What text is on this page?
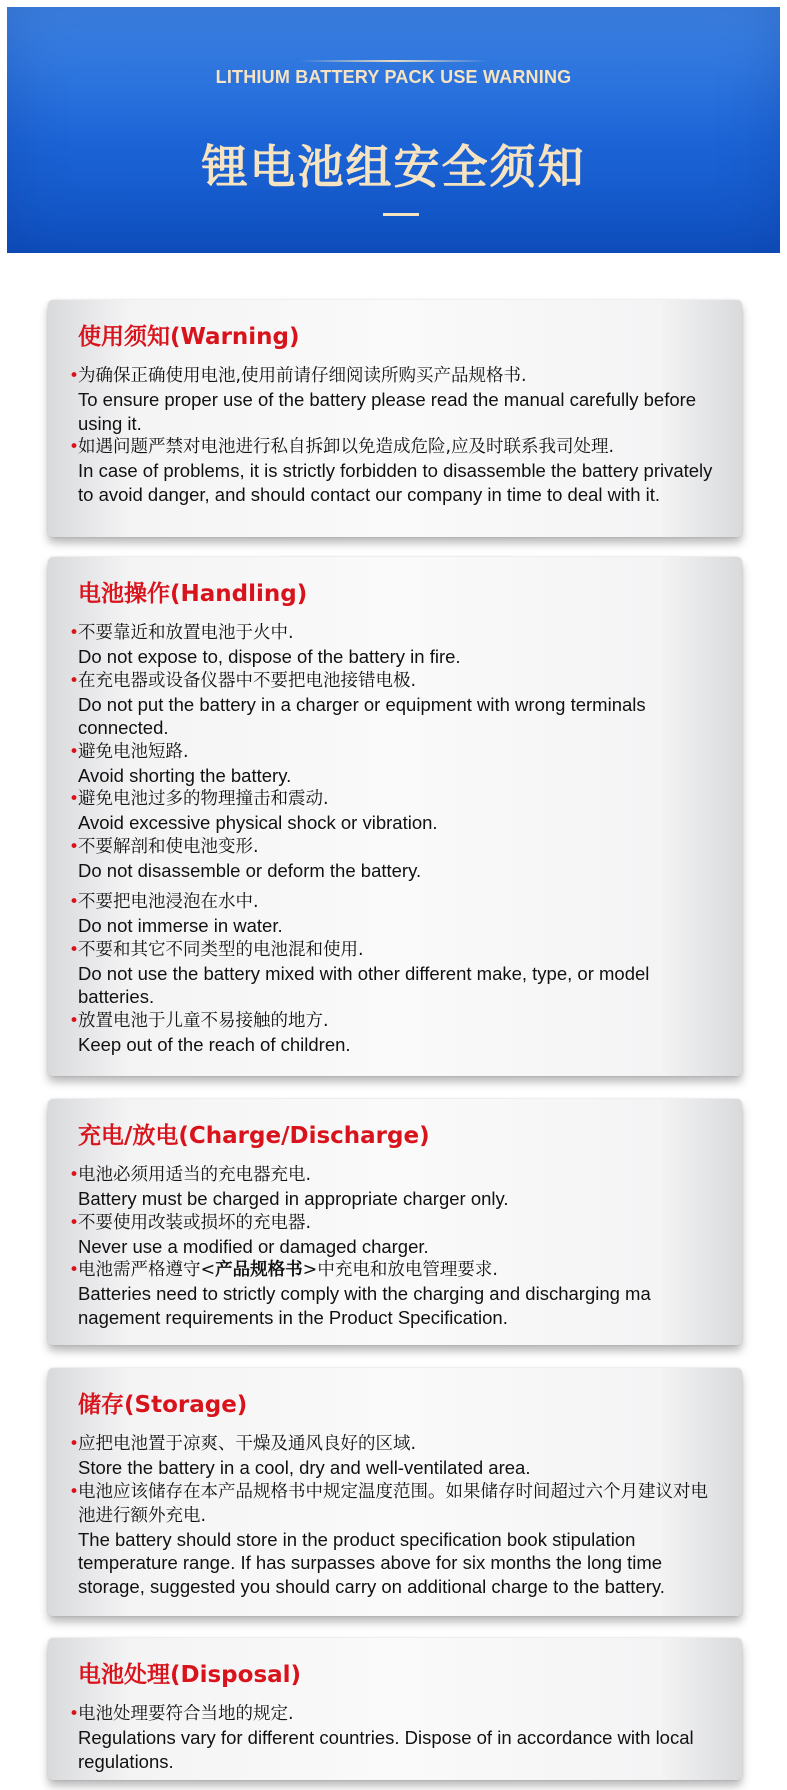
LITHIUM BATTERY PACK USE WARNING
锂电池组安全须知
使用须知(Warning)
•
为确保正确使用电池,使用前请仔细阅读所购买产品规格书.
To ensure proper use of the battery please read the manual carefully before using it.
•
如遇问题严禁对电池进行私自拆卸以免造成危险,应及时联系我司处理.
In case of problems, it is strictly forbidden to disassemble the battery privately to avoid danger, and should contact our company in time to deal with it.
电池操作(Handling)
•
不要靠近和放置电池于火中.
Do not expose to, dispose of the battery in fire.
•
在充电器或设备仪器中不要把电池接错电极.
Do not put the battery in a charger or equipment with wrong terminals connected.
•
避免电池短路.
Avoid shorting the battery.
•
避免电池过多的物理撞击和震动.
Avoid excessive physical shock or vibration.
•
不要解剖和使电池变形.
Do not disassemble or deform the battery.
•
不要把电池浸泡在水中.
Do not immerse in water.
•
不要和其它不同类型的电池混和使用.
Do not use the battery mixed with other different make, type, or model batteries.
•
放置电池于儿童不易接触的地方.
Keep out of the reach of children.
充电/放电(Charge/Discharge)
•
电池必须用适当的充电器充电.
Battery must be charged in appropriate charger only.
•
不要使用改装或损坏的充电器.
Never use a modified or damaged charger.
•
电池需严格遵守<产品规格书>中充电和放电管理要求.
Batteries need to strictly comply with the charging and discharging ma nagement requirements in the Product Specification.
储存(Storage)
•
应把电池置于凉爽、干燥及通风良好的区域.
Store the battery in a cool, dry and well-ventilated area.
•
电池应该储存在本产品规格书中规定温度范围。如果储存时间超过六个月建议对电池进行额外充电.
The battery should store in the product specification book stipulation temperature range. If has surpasses above for six months the long time storage, suggested you should carry on additional charge to the battery.
电池处理(Disposal)
•
电池处理要符合当地的规定.
Regulations vary for different countries. Dispose of in accordance with local regulations.
